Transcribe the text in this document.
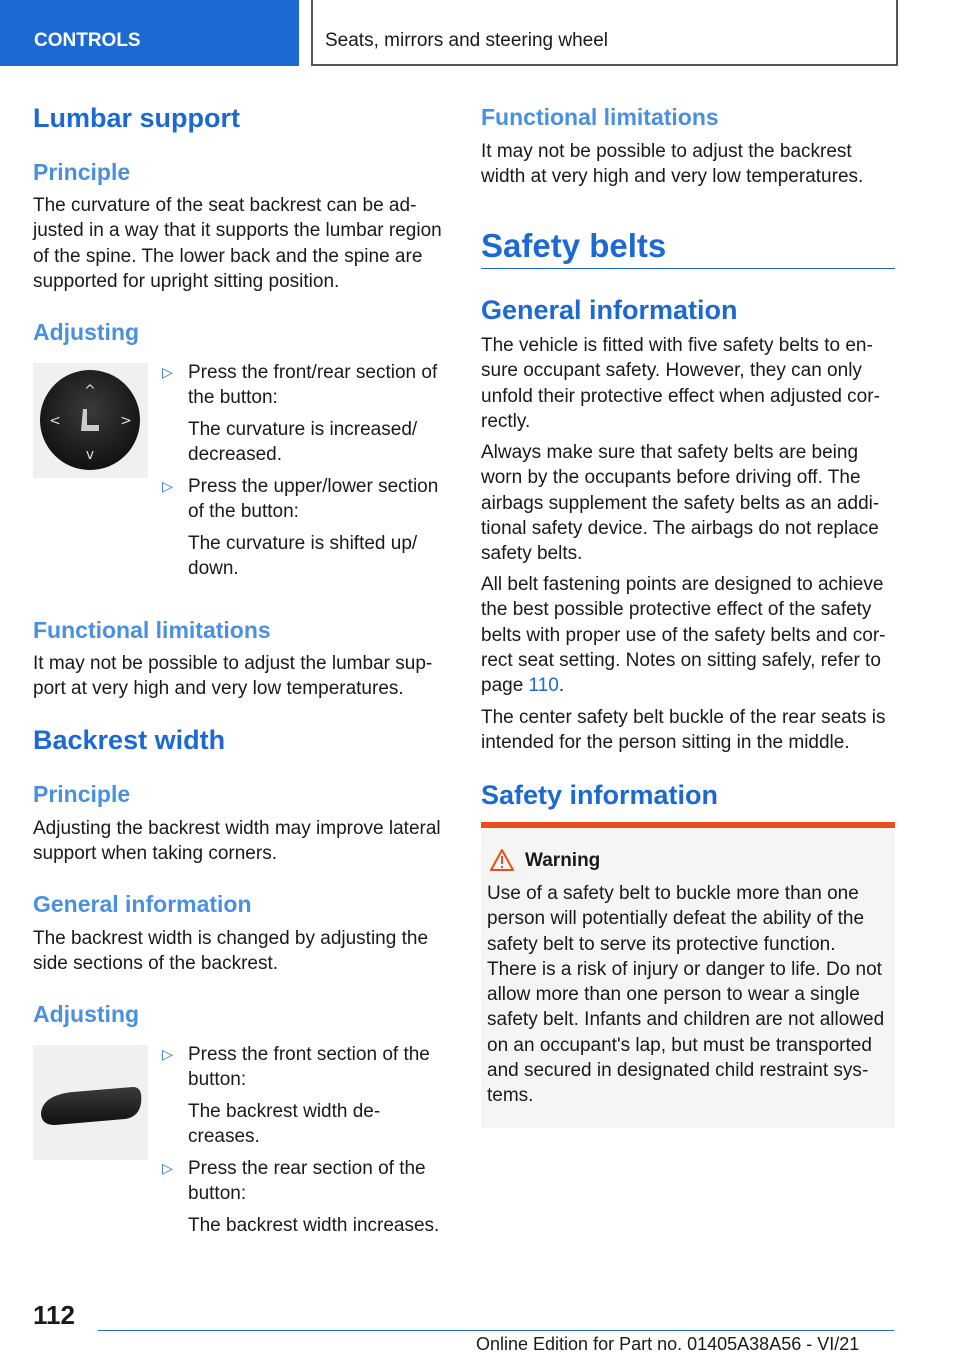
CONTROLS	Seats, mirrors and steering wheel
Lumbar support
Principle

The curvature of the seat backrest can be adjusted in a way that it supports the lumbar region of the spine. The lower back and the spine are supported for upright sitting position.

Adjusting
^
v
<	>
▷ Press the front/rear section of the button:
The curvature is increased/​decreased.
▷ Press the upper/lower section of the button:
The curvature is shifted up/​down.
Functional limitations

It may not be possible to adjust the lumbar support at very high and very low temperatures.

Backrest width
Principle

Adjusting the backrest width may improve lateral support when taking corners.

General information

The backrest width is changed by adjusting the side sections of the backrest.

Adjusting
▷ Press the front section of the button:
The backrest width decreases.
▷ Press the rear section of the button:
The backrest width increases.
Functional limitations

It may not be possible to adjust the backrest width at very high and very low temperatures.

Safety belts
General information

The vehicle is fitted with five safety belts to ensure occupant safety. However, they can only unfold their protective effect when adjusted correctly.

Always make sure that safety belts are being worn by the occupants before driving off. The airbags supplement the safety belts as an additional safety device. The airbags do not replace safety belts.

All belt fastening points are designed to achieve the best possible protective effect of the safety belts with proper use of the safety belts and correct seat setting. Notes on sitting safely, refer to page 110.

The center safety belt buckle of the rear seats is intended for the person sitting in the middle.

Safety information
Warning

Use of a safety belt to buckle more than one person will potentially defeat the ability of the safety belt to serve its protective function. There is a risk of injury or danger to life. Do not allow more than one person to wear a single safety belt. Infants and children are not allowed on an occupant's lap, but must be transported and secured in designated child restraint systems.

112
Online Edition for Part no. 01405A38A56 - VI/21
